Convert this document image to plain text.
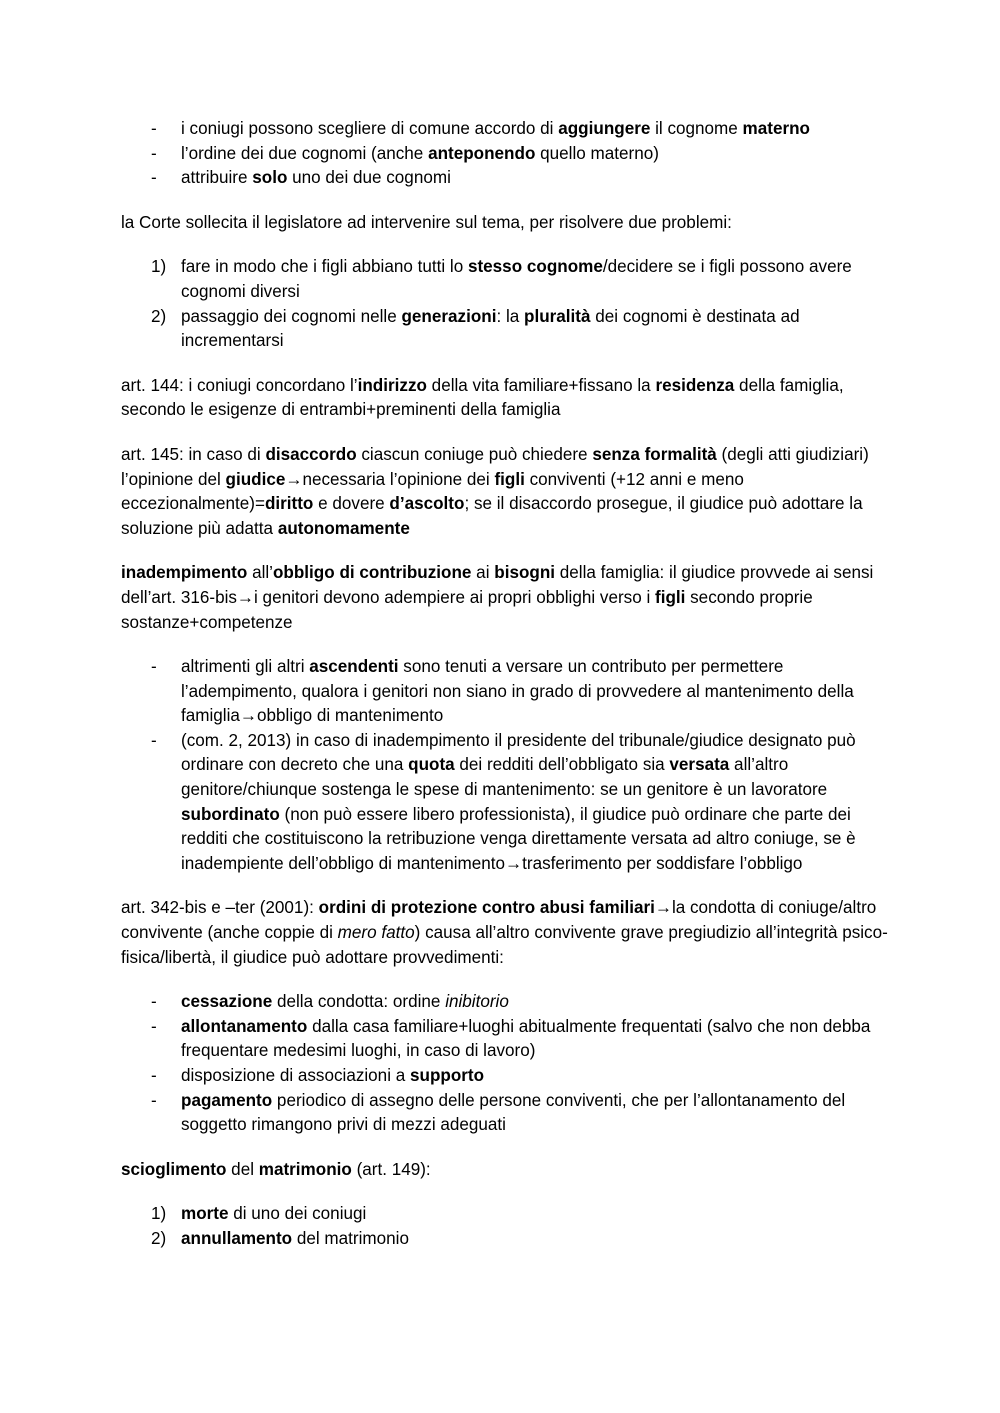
- i coniugi possono scegliere di comune accordo di aggiungere il cognome materno
- l’ordine dei due cognomi (anche anteponendo quello materno)
- attribuire solo uno dei due cognomi

la Corte sollecita il legislatore ad intervenire sul tema, per risolvere due problemi:

1) fare in modo che i figli abbiano tutti lo stesso cognome/decidere se i figli possono avere cognomi diversi
2) passaggio dei cognomi nelle generazioni: la pluralità dei cognomi è destinata ad incrementarsi

art. 144: i coniugi concordano l’indirizzo della vita familiare+fissano la residenza della famiglia, secondo le esigenze di entrambi+preminenti della famiglia

art. 145: in caso di disaccordo ciascun coniuge può chiedere senza formalità (degli atti giudiziari) l’opinione del giudice→necessaria l’opinione dei figli conviventi (+12 anni e meno eccezionalmente)=diritto e dovere d’ascolto; se il disaccordo prosegue, il giudice può adottare la soluzione più adatta autonomamente

inadempimento all’obbligo di contribuzione ai bisogni della famiglia: il giudice provvede ai sensi dell’art. 316-bis→i genitori devono adempiere ai propri obblighi verso i figli secondo proprie sostanze+competenze

- altrimenti gli altri ascendenti sono tenuti a versare un contributo per permettere l’adempimento, qualora i genitori non siano in grado di provvedere al mantenimento della famiglia→obbligo di mantenimento
- (com. 2, 2013) in caso di inadempimento il presidente del tribunale/giudice designato può ordinare con decreto che una quota dei redditi dell’obbligato sia versata all’altro genitore/chiunque sostenga le spese di mantenimento: se un genitore è un lavoratore subordinato (non può essere libero professionista), il giudice può ordinare che parte dei redditi che costituiscono la retribuzione venga direttamente versata ad altro coniuge, se è inadempiente dell’obbligo di mantenimento→trasferimento per soddisfare l’obbligo

art. 342-bis e –ter (2001): ordini di protezione contro abusi familiari→la condotta di coniuge/altro convivente (anche coppie di mero fatto) causa all’altro convivente grave pregiudizio all’integrità psico-fisica/libertà, il giudice può adottare provvedimenti:

- cessazione della condotta: ordine inibitorio
- allontanamento dalla casa familiare+luoghi abitualmente frequentati (salvo che non debba frequentare medesimi luoghi, in caso di lavoro)
- disposizione di associazioni a supporto
- pagamento periodico di assegno delle persone conviventi, che per l’allontanamento del soggetto rimangono privi di mezzi adeguati

scioglimento del matrimonio (art. 149):

1) morte di uno dei coniugi
2) annullamento del matrimonio
